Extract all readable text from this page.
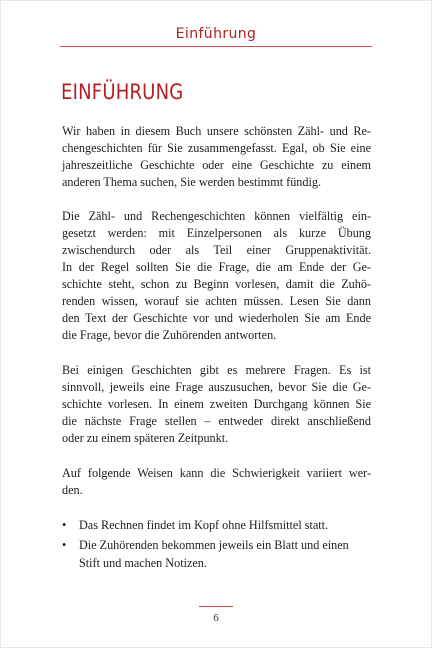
Einführung
EINFÜHRUNG
Wir haben in diesem Buch unsere schönsten Zähl- und Re-
chengeschichten für Sie zusammengefasst. Egal, ob Sie eine
jahreszeitliche Geschichte oder eine Geschichte zu einem
anderen Thema suchen, Sie werden bestimmt fündig.
Die Zähl- und Rechengeschichten können vielfältig ein-
gesetzt werden: mit Einzelpersonen als kurze Übung
zwischendurch oder als Teil einer Gruppenaktivität.
In der Regel sollten Sie die Frage, die am Ende der Ge-
schichte steht, schon zu Beginn vorlesen, damit die Zuhö-
renden wissen, worauf sie achten müssen. Lesen Sie dann
den Text der Geschichte vor und wiederholen Sie am Ende
die Frage, bevor die Zuhörenden antworten.
Bei einigen Geschichten gibt es mehrere Fragen. Es ist
sinnvoll, jeweils eine Frage auszusuchen, bevor Sie die Ge-
schichte vorlesen. In einem zweiten Durchgang können Sie
die nächste Frage stellen – entweder direkt anschließend
oder zu einem späteren Zeitpunkt.
Auf folgende Weisen kann die Schwierigkeit variiert wer-
den.
• Das Rechnen findet im Kopf ohne Hilfsmittel statt.
• Die Zuhörenden bekommen jeweils ein Blatt und einen
Stift und machen Notizen.
6
